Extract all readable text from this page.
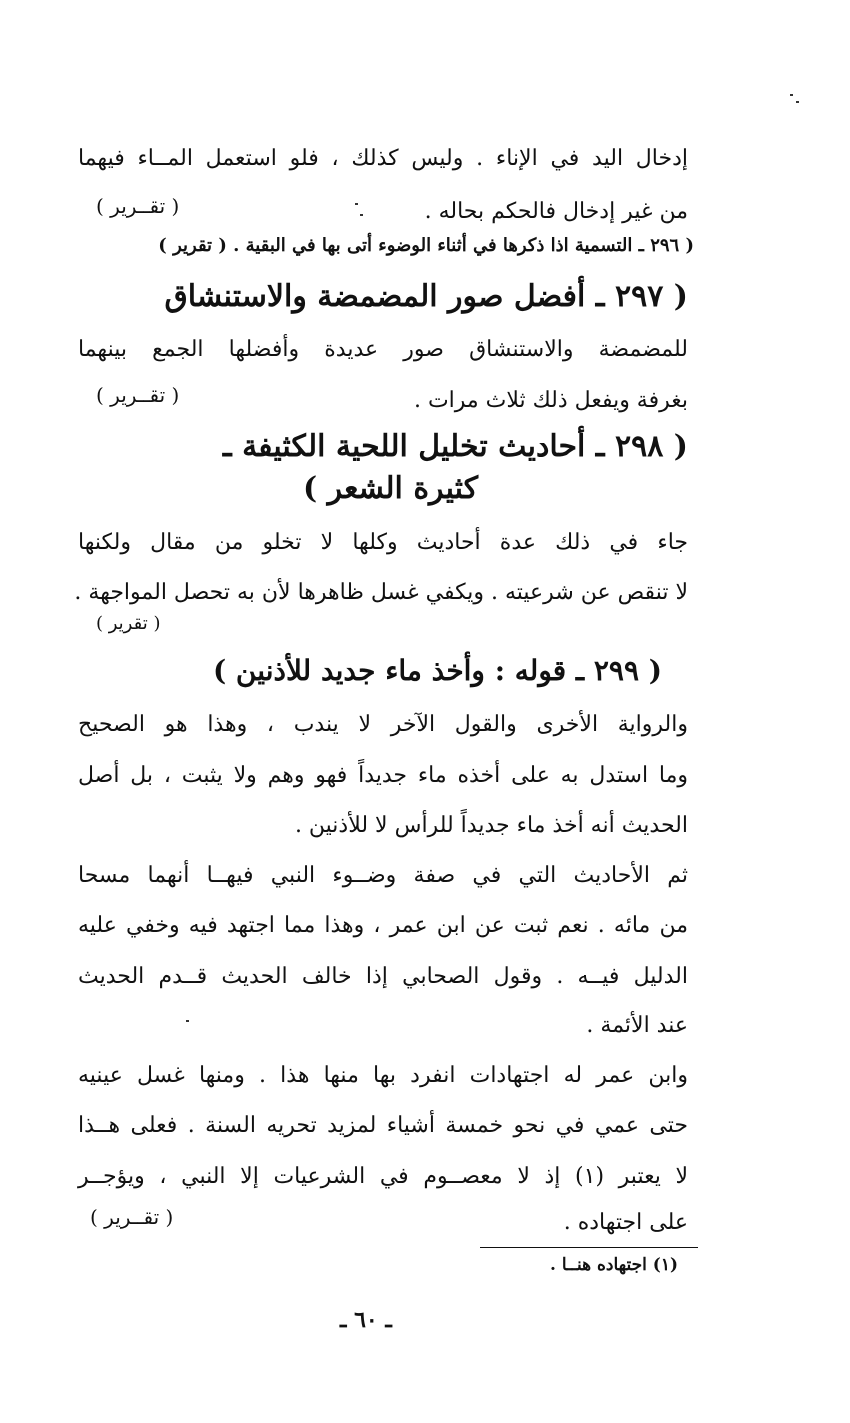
إدخال اليد في الإناء . وليس كذلك ، فلو استعمل المــاء فيهما
من غير إدخال فالحكم بحاله .
( تقــرير )
( ٢٩٦ ـ التسمية اذا ذكرها في أثناء الوضوء أتى بها في البقية . ( تقرير )
( ٢٩٧ ـ أفضل صور المضمضة والاستنشاق
للمضمضة والاستنشاق صور عديدة وأفضلها الجمع بينهما
بغرفة ويفعل ذلك ثلاث مرات .
( تقــرير )
( ٢٩٨ ـ أحاديث تخليل اللحية الكثيفة ـ
كثيرة الشعر )
جاء في ذلك عدة أحاديث وكلها لا تخلو من مقال ولكنها
لا تنقص عن شرعيته . ويكفي غسل ظاهرها لأن به تحصل المواجهة .
( تقرير )
( ٢٩٩ ـ قوله : وأخذ ماء جديد للأذنين )
والرواية الأخرى والقول الآخر لا يندب ، وهذا هو الصحيح
وما استدل به على أخذه ماء جديداً فهو وهم ولا يثبت ، بل أصل
الحديث أنه أخذ ماء جديداً للرأس لا للأذنين .
ثم الأحاديث التي في صفة وضــوء النبي فيهــا أنهما مسحا
من مائه . نعم ثبت عن ابن عمر ، وهذا مما اجتهد فيه وخفي عليه
الدليل فيــه . وقول الصحابي إذا خالف الحديث قــدم الحديث
عند الأئمة .
وابن عمر له اجتهادات انفرد بها منها هذا . ومنها غسل عينيه
حتى عمي في نحو خمسة أشياء لمزيد تحريه السنة . فعلى هــذا
لا يعتبر (١) إذ لا معصــوم في الشرعيات إلا النبي ، ويؤجــر
على اجتهاده .
( تقــرير )
(١) اجتهاده هنــا .
ـ ٦٠ ـ
